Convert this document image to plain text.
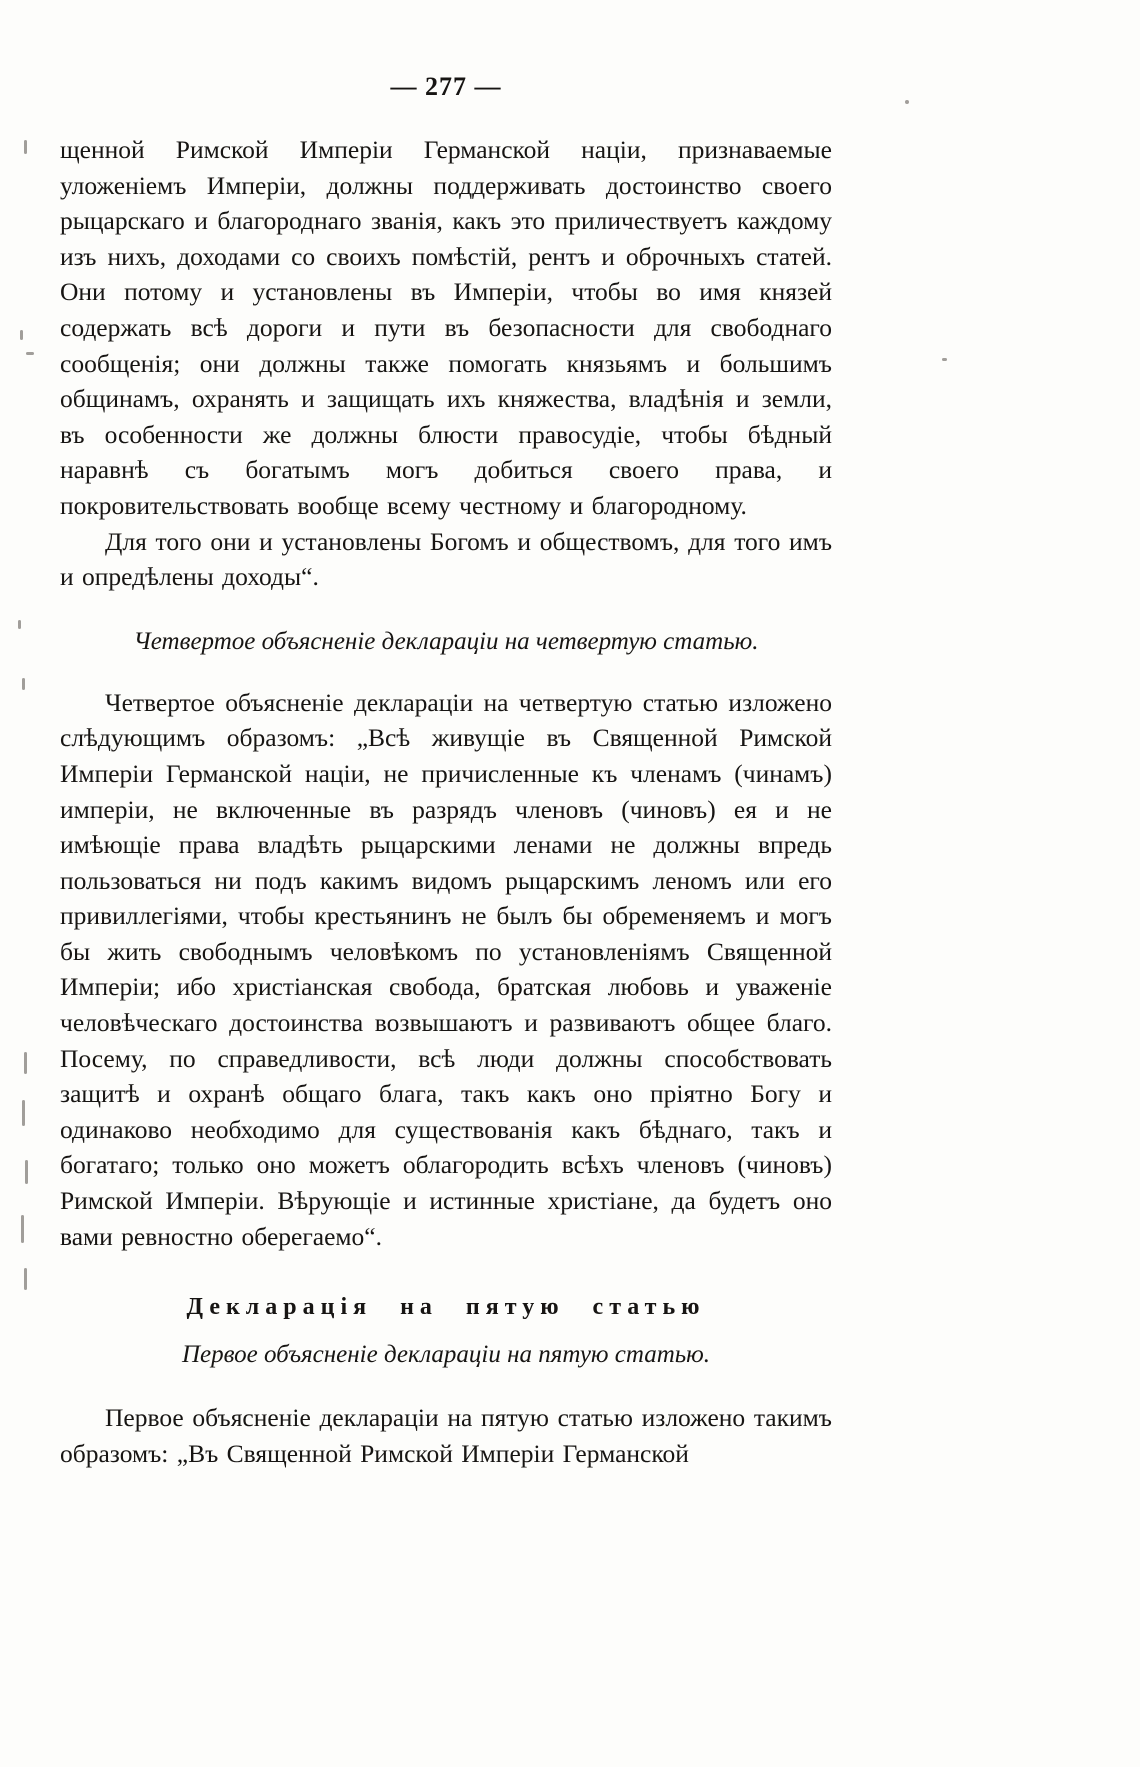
— 277 —

щенной Римской Имперіи Германской націи, признаваемые уложеніемъ Имперіи, должны поддерживать достоинство своего рыцарскаго и благороднаго званія, какъ это приличествуетъ каждому изъ нихъ, доходами со своихъ помѣстій, рентъ и оброчныхъ статей. Они потому и установлены въ Имперіи, чтобы во имя князей содержать всѣ дороги и пути въ безопасности для свободнаго сообщенія; они должны также помогать князьямъ и большимъ общинамъ, охранять и защищать ихъ княжества, владѣнія и земли, въ особенности же должны блюсти правосудіе, чтобы бѣдный наравнѣ съ богатымъ могъ добиться своего права, и покровительствовать вообще всему честному и благородному.

Для того они и установлены Богомъ и обществомъ, для того имъ и опредѣлены доходы“.

Четвертое объясненіе деклараціи на четвертую статью.

Четвертое объясненіе деклараціи на четвертую статью изложено слѣдующимъ образомъ: „Всѣ живущіе въ Священной Римской Имперіи Германской націи, не причисленные къ членамъ (чинамъ) имперіи, не включенные въ разрядъ членовъ (чиновъ) ея и не имѣющіе права владѣть рыцарскими ленами не должны впредь пользоваться ни подъ какимъ видомъ рыцарскимъ леномъ или его привиллегіями, чтобы крестьянинъ не былъ бы обременяемъ и могъ бы жить свободнымъ человѣкомъ по установленіямъ Священной Имперіи; ибо христіанская свобода, братская любовь и уваженіе человѣческаго достоинства возвышаютъ и развиваютъ общее благо. Посему, по справедливости, всѣ люди должны способствовать защитѣ и охранѣ общаго блага, такъ какъ оно пріятно Богу и одинаково необходимо для существованія какъ бѣднаго, такъ и богатаго; только оно можетъ облагородить всѣхъ членовъ (чиновъ) Римской Имперіи. Вѣрующіе и истинные христіане, да будетъ оно вами ревностно оберегаемо“.

Декларація на пятую статью
Первое объясненіе деклараціи на пятую статью.

Первое объясненіе деклараціи на пятую статью изложено такимъ образомъ: „Въ Священной Римской Имперіи Германской
